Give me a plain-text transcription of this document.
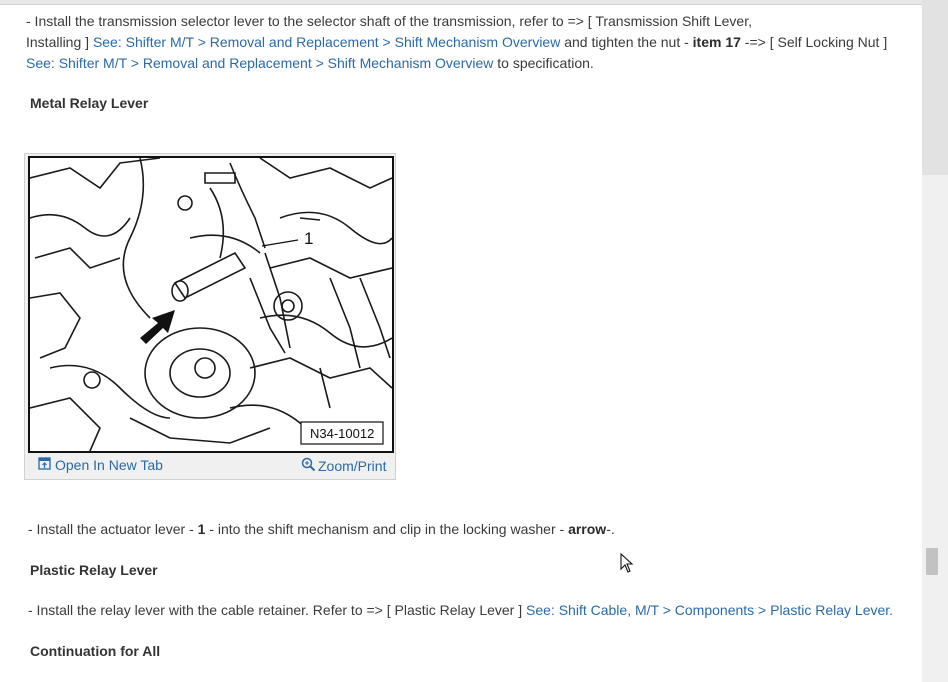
- Install the transmission selector lever to the selector shaft of the transmission, refer to => [ Transmission Shift Lever,
Installing ] See: Shifter M/T > Removal and Replacement > Shift Mechanism Overview and tighten the nut - item 17 -=> [ Self Locking Nut ]
See: Shifter M/T > Removal and Replacement > Shift Mechanism Overview to specification.
Metal Relay Lever
1
N34-10012
Open In New Tab	Zoom/Print
- Install the actuator lever - 1 - into the shift mechanism and clip in the locking washer - arrow-.
Plastic Relay Lever
- Install the relay lever with the cable retainer. Refer to => [ Plastic Relay Lever ] See: Shift Cable, M/T > Components > Plastic Relay Lever.
Continuation for All
